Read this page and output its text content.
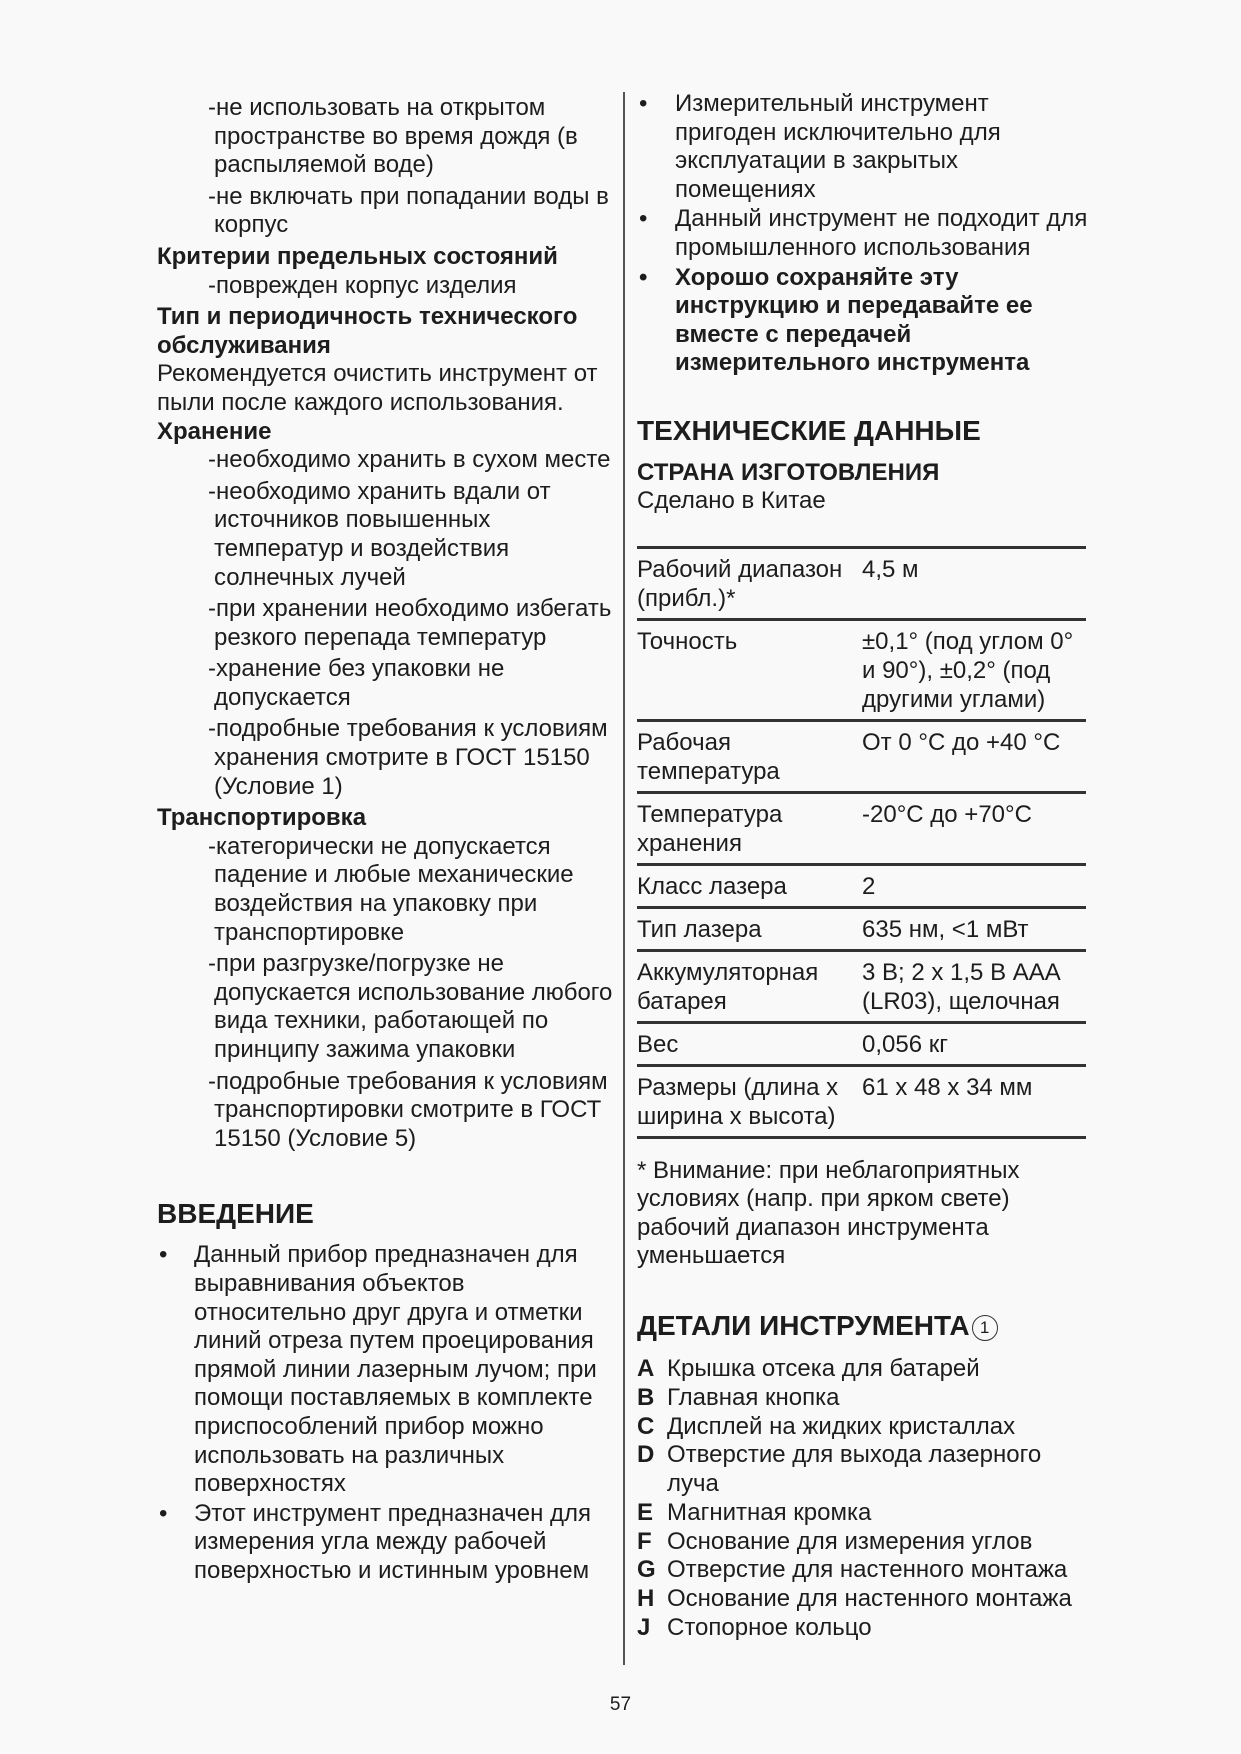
-не использовать на открытом пространстве во время дождя (в распыляемой воде)
-не включать при попадании воды в корпус
Критерии предельных состояний
-поврежден корпус изделия
Тип и периодичность технического обслуживания
Рекомендуется очистить инструмент от пыли после каждого использования.
Хранение
-необходимо хранить в сухом месте
-необходимо хранить вдали от источников повышенных температур и воздействия солнечных лучей
-при хранении необходимо избегать резкого перепада температур
-хранение без упаковки не допускается
-подробные требования к условиям хранения смотрите в ГОСТ 15150 (Условие 1)
Транспортировка
-категорически не допускается падение и любые механические воздействия на упаковку при транспортировке
-при разгрузке/погрузке не допускается использование любого вида техники, работающей по принципу зажима упаковки
-подробные требования к условиям транспортировки смотрите в ГОСТ 15150 (Условие 5)
ВВЕДЕНИЕ
• Данный прибор предназначен для выравнивания объектов относительно друг друга и отметки линий отреза путем проецирования прямой линии лазерным лучом; при помощи поставляемых в комплекте приспособлений прибор можно использовать на различных поверхностях
• Этот инструмент предназначен для измерения угла между рабочей поверхностью и истинным уровнем
• Измерительный инструмент пригоден исключительно для эксплуатации в закрытых помещениях
• Данный инструмент не подходит для промышленного использования
• Хорошо сохраняйте эту инструкцию и передавайте ее вместе с передачей измерительного инструмента
ТЕХНИЧЕСКИЕ ДАННЫЕ
СТРАНА ИЗГОТОВЛЕНИЯ
Сделано в Китае
Рабочий диапазон (прибл.)*	4,5 м
Точность	±0,1° (под углом 0° и 90°), ±0,2° (под другими углами)
Рабочая температура	От 0 °С до +40 °С
Температура хранения	-20°С до +70°С
Класс лазера	2
Тип лазера	635 нм, <1 мВт
Аккумуляторная батарея	3 В; 2 x 1,5 В AAA (LR03), щелочная
Вес	0,056 кг
Размеры (длина x ширина x высота)	61 x 48 x 34 мм
* Внимание: при неблагоприятных условиях (напр. при ярком свете) рабочий диапазон инструмента уменьшается
ДЕТАЛИ ИНСТРУМЕНТА 1
A Крышка отсека для батарей
B Главная кнопка
C Дисплей на жидких кристаллах
D Отверстие для выхода лазерного луча
E Магнитная кромка
F Основание для измерения углов
G Отверстие для настенного монтажа
H Основание для настенного монтажа
J Стопорное кольцо
57
